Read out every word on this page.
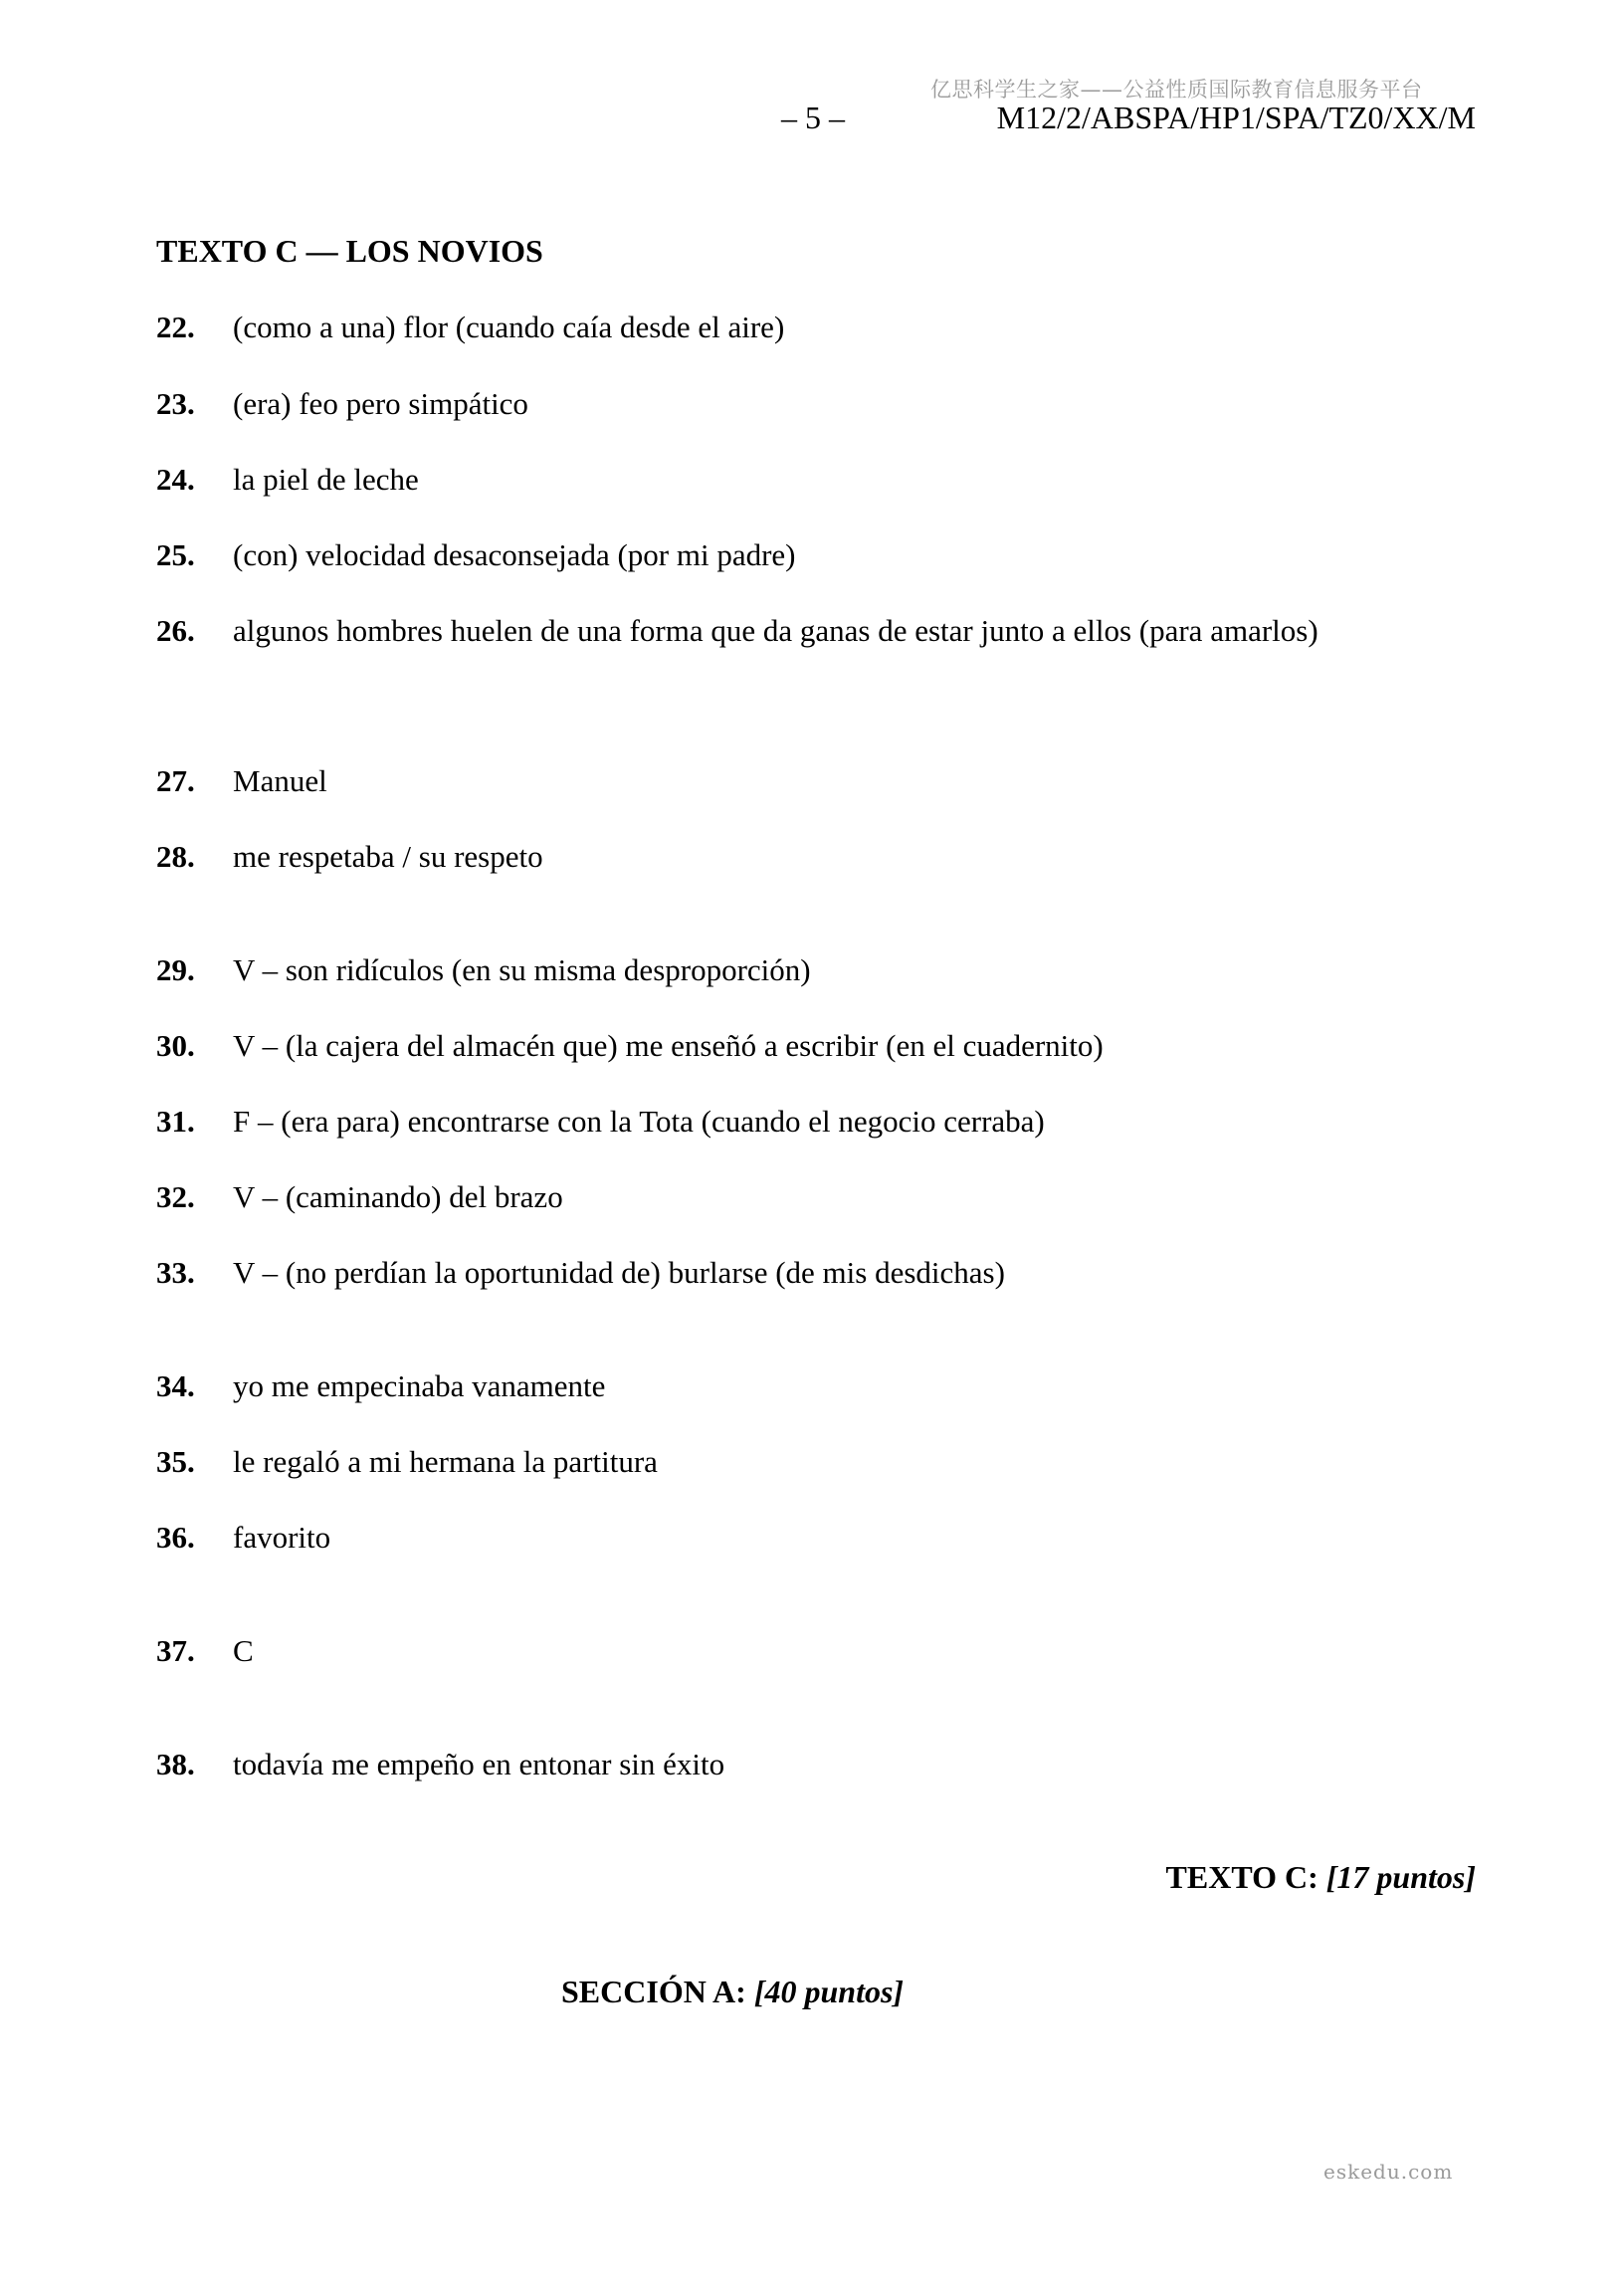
亿思科学生之家——公益性质国际教育信息服务平台
– 5 –	M12/2/ABSPA/HP1/SPA/TZ0/XX/M
TEXTO C — LOS NOVIOS
22. (como a una) flor (cuando caía desde el aire)
23. (era) feo pero simpático
24. la piel de leche
25. (con) velocidad desaconsejada (por mi padre)
26. algunos hombres huelen de una forma que da ganas de estar junto a ellos (para amarlos)
27. Manuel
28. me respetaba / su respeto
29. V – son ridículos (en su misma desproporción)
30. V – (la cajera del almacén que) me enseñó a escribir (en el cuadernito)
31. F – (era para) encontrarse con la Tota (cuando el negocio cerraba)
32. V – (caminando) del brazo
33. V – (no perdían la oportunidad de) burlarse (de mis desdichas)
34. yo me empecinaba vanamente
35. le regaló a mi hermana la partitura
36. favorito
37. C
38. todavía me empeño en entonar sin éxito
TEXTO C: [17 puntos]
SECCIÓN A: [40 puntos]
eskedu.com
